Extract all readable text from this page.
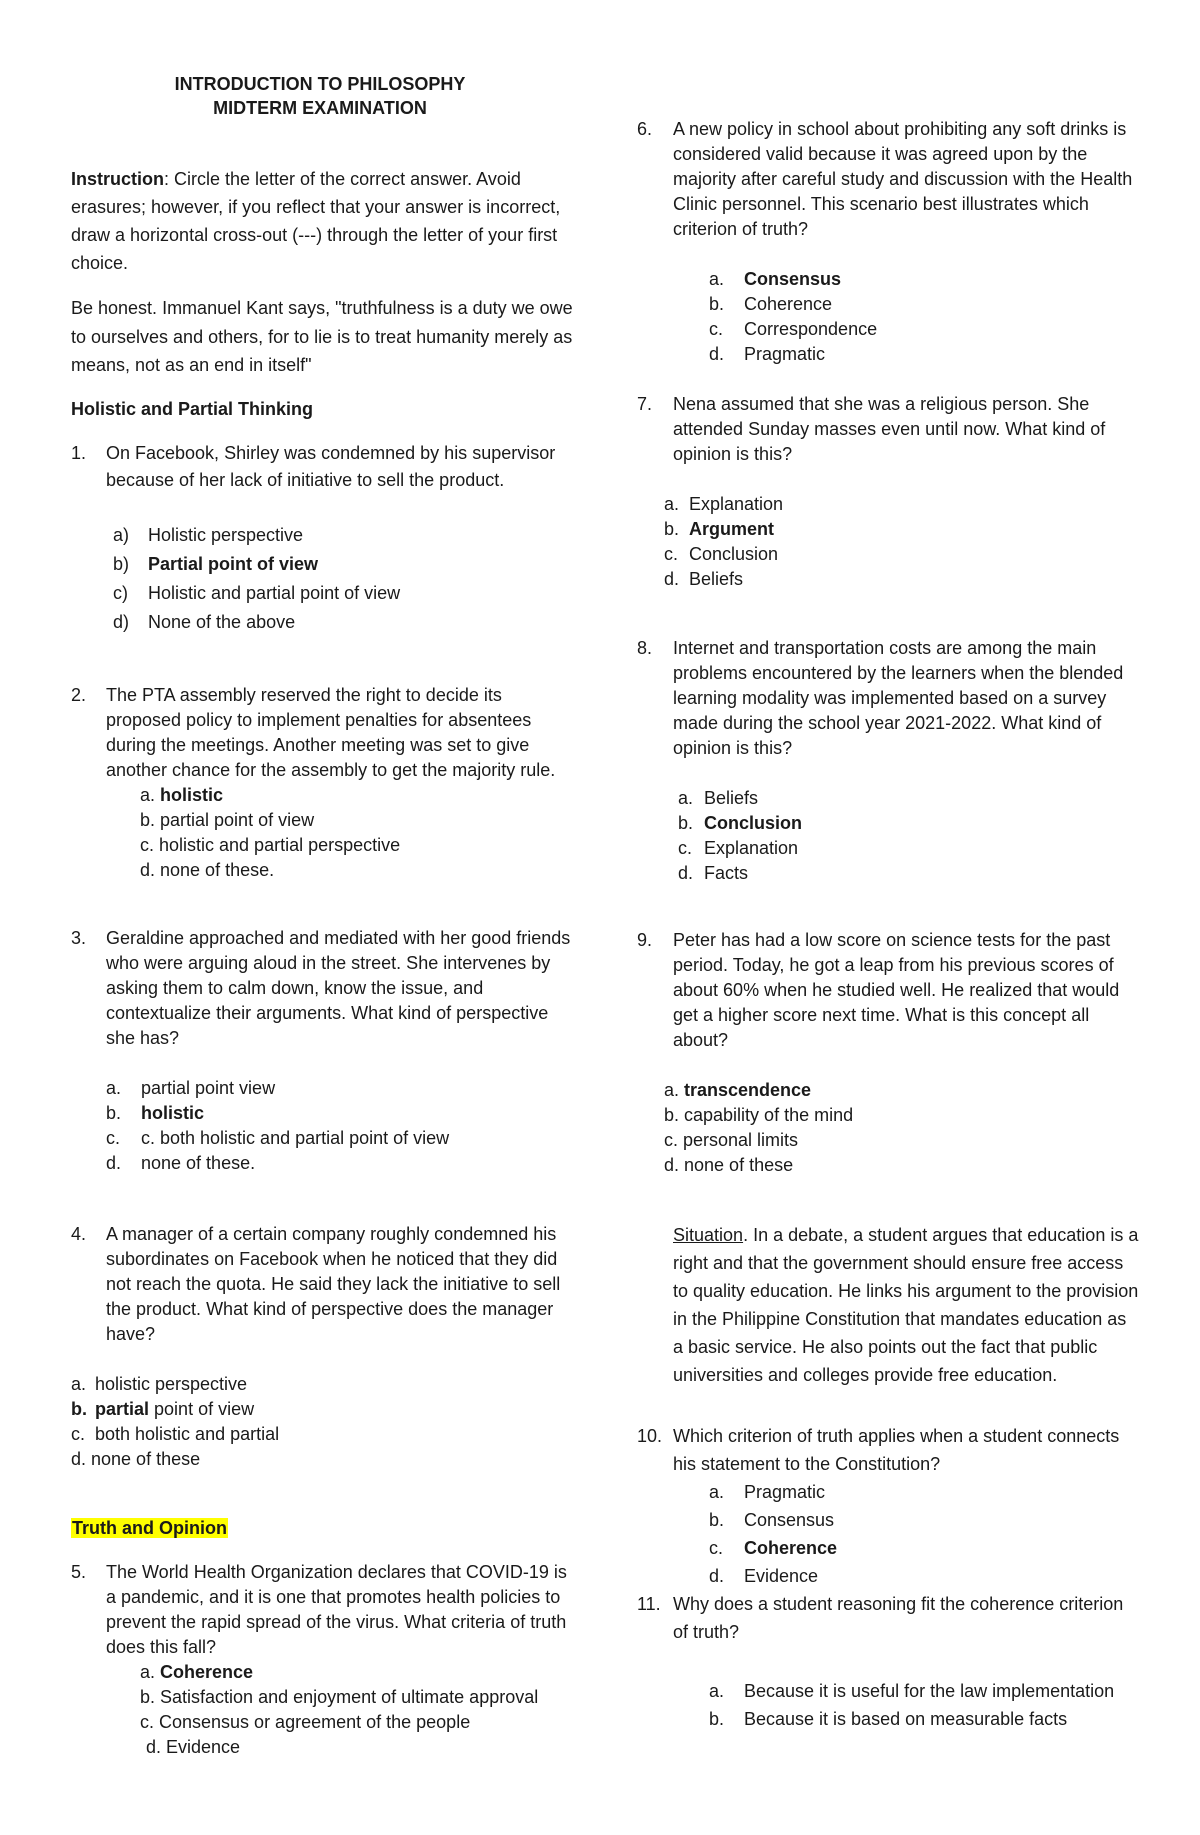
INTRODUCTION TO PHILOSOPHY
MIDTERM EXAMINATION
Instruction: Circle the letter of the correct answer. Avoid
erasures; however, if you reflect that your answer is incorrect,
draw a horizontal cross-out (---) through the letter of your first
choice.
Be honest. Immanuel Kant says, "truthfulness is a duty we owe
to ourselves and others, for to lie is to treat humanity merely as
means, not as an end in itself"
Holistic and Partial Thinking
1. On Facebook, Shirley was condemned by his supervisor
because of her lack of initiative to sell the product.
a) Holistic perspective
b) Partial point of view
c) Holistic and partial point of view
d) None of the above
2. The PTA assembly reserved the right to decide its
proposed policy to implement penalties for absentees
during the meetings. Another meeting was set to give
another chance for the assembly to get the majority rule.
a. holistic
b. partial point of view
c. holistic and partial perspective
d. none of these.
3. Geraldine approached and mediated with her good friends
who were arguing aloud in the street. She intervenes by
asking them to calm down, know the issue, and
contextualize their arguments. What kind of perspective
she has?
a. partial point view
b. holistic
c. c. both holistic and partial point of view
d. none of these.
4. A manager of a certain company roughly condemned his
subordinates on Facebook when he noticed that they did
not reach the quota. He said they lack the initiative to sell
the product. What kind of perspective does the manager
have?
a. holistic perspective
b. partial point of view
c. both holistic and partial
d. none of these
Truth and Opinion
5. The World Health Organization declares that COVID-19 is
a pandemic, and it is one that promotes health policies to
prevent the rapid spread of the virus. What criteria of truth
does this fall?
a. Coherence
b. Satisfaction and enjoyment of ultimate approval
c. Consensus or agreement of the people
d. Evidence
6. A new policy in school about prohibiting any soft drinks is
considered valid because it was agreed upon by the
majority after careful study and discussion with the Health
Clinic personnel. This scenario best illustrates which
criterion of truth?
a. Consensus
b. Coherence
c. Correspondence
d. Pragmatic
7. Nena assumed that she was a religious person. She
attended Sunday masses even until now. What kind of
opinion is this?
a. Explanation
b. Argument
c. Conclusion
d. Beliefs
8. Internet and transportation costs are among the main
problems encountered by the learners when the blended
learning modality was implemented based on a survey
made during the school year 2021-2022. What kind of
opinion is this?
a. Beliefs
b. Conclusion
c. Explanation
d. Facts
9. Peter has had a low score on science tests for the past
period. Today, he got a leap from his previous scores of
about 60% when he studied well. He realized that would
get a higher score next time. What is this concept all
about?
a. transcendence
b. capability of the mind
c. personal limits
d. none of these
Situation. In a debate, a student argues that education is a
right and that the government should ensure free access
to quality education. He links his argument to the provision
in the Philippine Constitution that mandates education as
a basic service. He also points out the fact that public
universities and colleges provide free education.
10. Which criterion of truth applies when a student connects
his statement to the Constitution?
a. Pragmatic
b. Consensus
c. Coherence
d. Evidence
11. Why does a student reasoning fit the coherence criterion
of truth?
a. Because it is useful for the law implementation
b. Because it is based on measurable facts
